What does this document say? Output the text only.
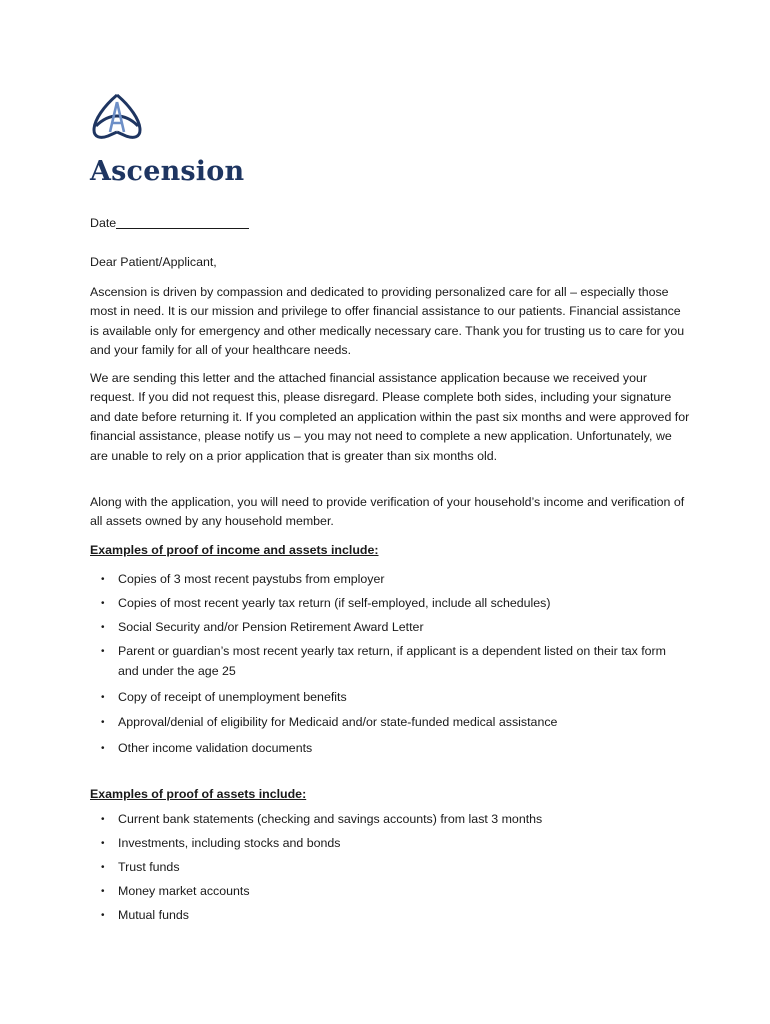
Ascension
Date
Dear Patient/Applicant,

Ascension is driven by compassion and dedicated to providing personalized care for all – especially those most in need. It is our mission and privilege to offer financial assistance to our patients. Financial assistance is available only for emergency and other medically necessary care. Thank you for trusting us to care for you and your family for all of your healthcare needs.

We are sending this letter and the attached financial assistance application because we received your request. If you did not request this, please disregard. Please complete both sides, including your signature and date before returning it. If you completed an application within the past six months and were approved for financial assistance, please notify us – you may not need to complete a new application. Unfortunately, we are unable to rely on a prior application that is greater than six months old.

Along with the application, you will need to provide verification of your household’s income and verification of all assets owned by any household member.

Examples of proof of income and assets include:
• Copies of 3 most recent paystubs from employer
• Copies of most recent yearly tax return (if self-employed, include all schedules)
• Social Security and/or Pension Retirement Award Letter
• Parent or guardian’s most recent yearly tax return, if applicant is a dependent listed on their tax form and under the age 25
• Copy of receipt of unemployment benefits
• Approval/denial of eligibility for Medicaid and/or state-funded medical assistance
• Other income validation documents
Examples of proof of assets include:
• Current bank statements (checking and savings accounts) from last 3 months
• Investments, including stocks and bonds
• Trust funds
• Money market accounts
• Mutual funds
